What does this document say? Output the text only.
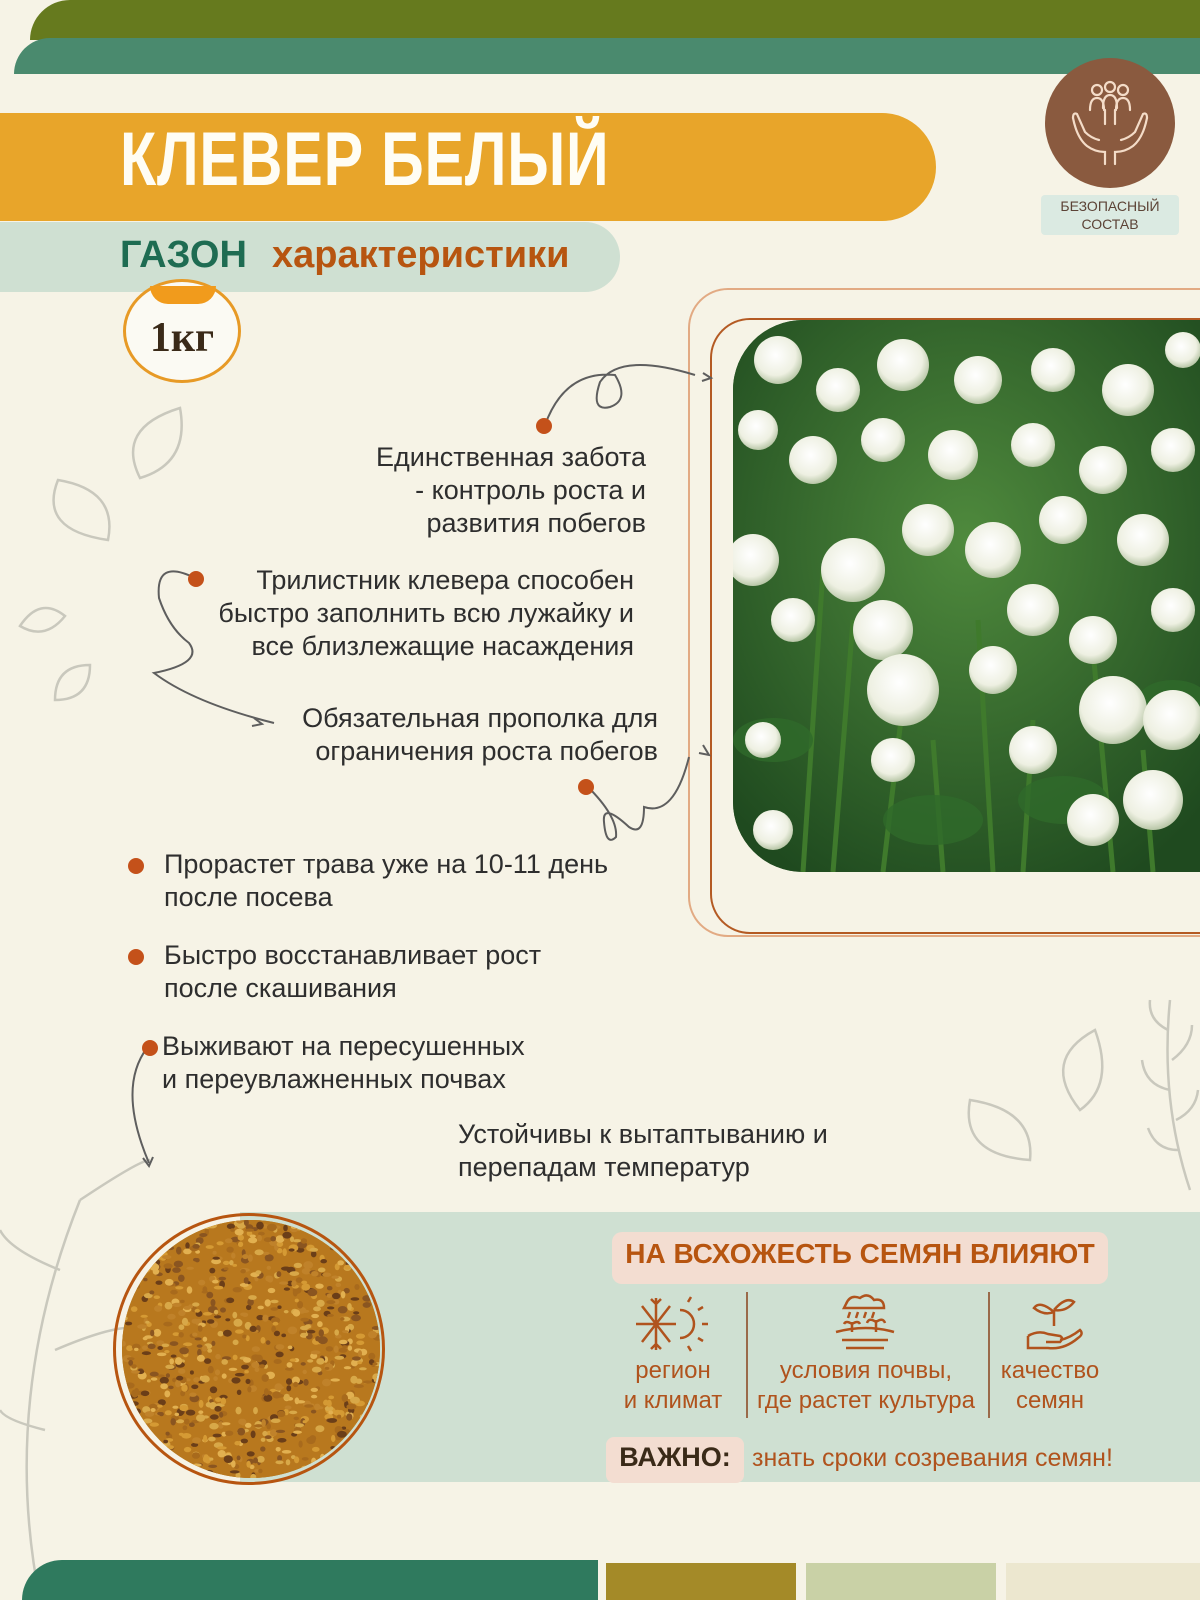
КЛЕВЕР БЕЛЫЙ
ГАЗОН характеристики
1кг
БЕЗОПАСНЫЙ СОСТАВ
Единственная забота - контроль роста и развития побегов
Трилистник клевера способен быстро заполнить всю лужайку и все близлежащие насаждения
Обязательная прополка для ограничения роста побегов
Прорастет трава уже на 10-11 день после посева
Быстро восстанавливает рост после скашивания
Выживают на пересушенных и переувлажненных почвах
Устойчивы к вытаптыванию и перепадам температур
НА ВСХОЖЕСТЬ СЕМЯН ВЛИЯЮТ
регион
и климат
условия почвы,
где растет культура
качество
семян
ВАЖНО: знать сроки созревания семян!
